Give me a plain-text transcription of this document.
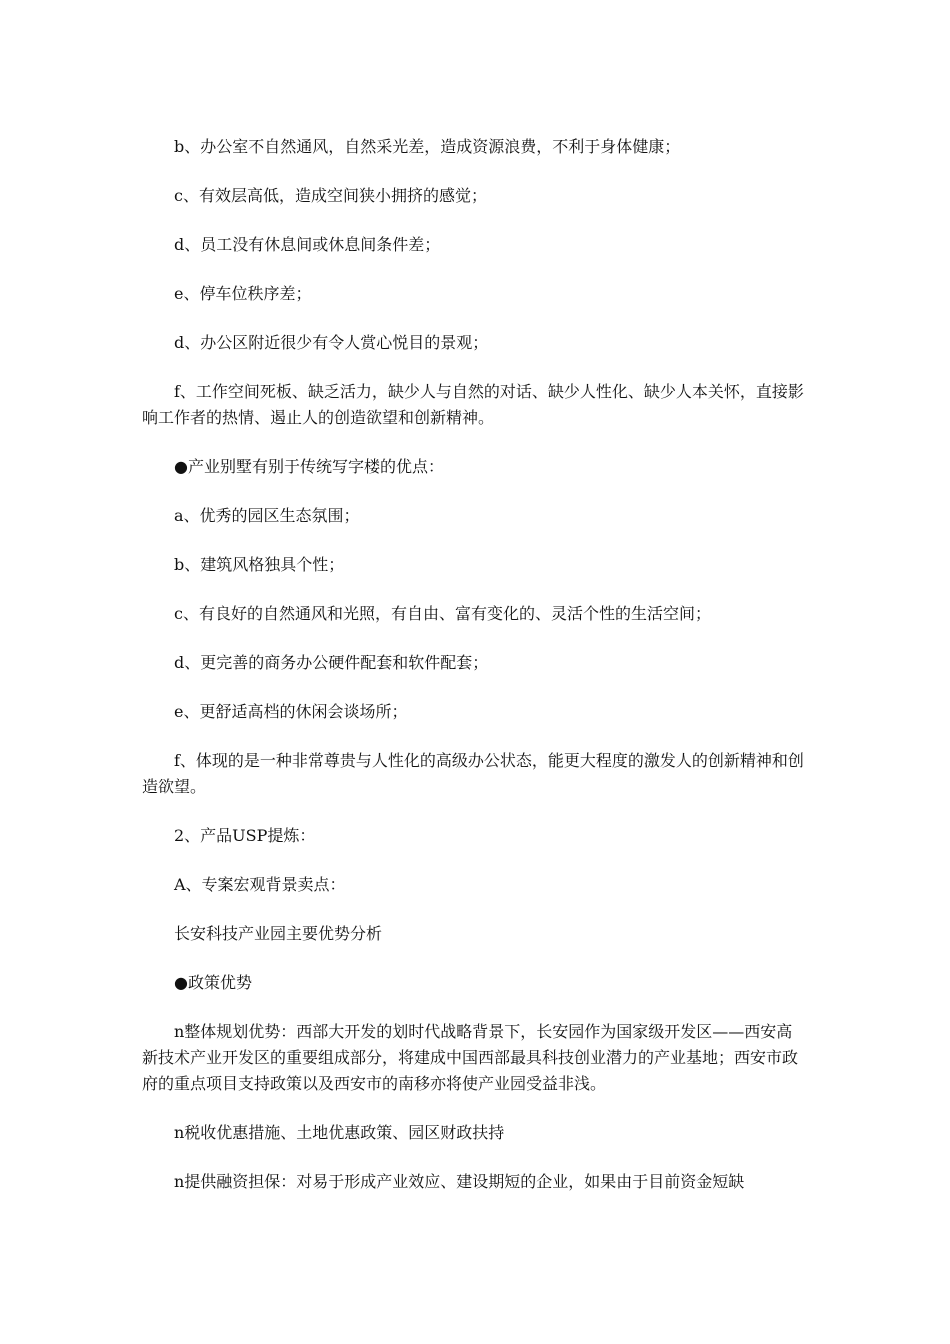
b、办公室不自然通风，自然采光差，造成资源浪费，不利于身体健康；

c、有效层高低，造成空间狭小拥挤的感觉；

d、员工没有休息间或休息间条件差；

e、停车位秩序差；

d、办公区附近很少有令人赏心悦目的景观；

f、工作空间死板、缺乏活力，缺少人与自然的对话、缺少人性化、缺少人本关怀，直接影响工作者的热情、遏止人的创造欲望和创新精神。

●产业别墅有别于传统写字楼的优点：

a、优秀的园区生态氛围；

b、建筑风格独具个性；

c、有良好的自然通风和光照，有自由、富有变化的、灵活个性的生活空间；

d、更完善的商务办公硬件配套和软件配套；

e、更舒适高档的休闲会谈场所；

f、体现的是一种非常尊贵与人性化的高级办公状态，能更大程度的激发人的创新精神和创造欲望。

2、产品USP提炼：

A、专案宏观背景卖点：

长安科技产业园主要优势分析

●政策优势

n整体规划优势：西部大开发的划时代战略背景下，长安园作为国家级开发区——西安高新技术产业开发区的重要组成部分，将建成中国西部最具科技创业潜力的产业基地；西安市政府的重点项目支持政策以及西安市的南移亦将使产业园受益非浅。

n税收优惠措施、土地优惠政策、园区财政扶持

n提供融资担保：对易于形成产业效应、建设期短的企业，如果由于目前资金短缺
